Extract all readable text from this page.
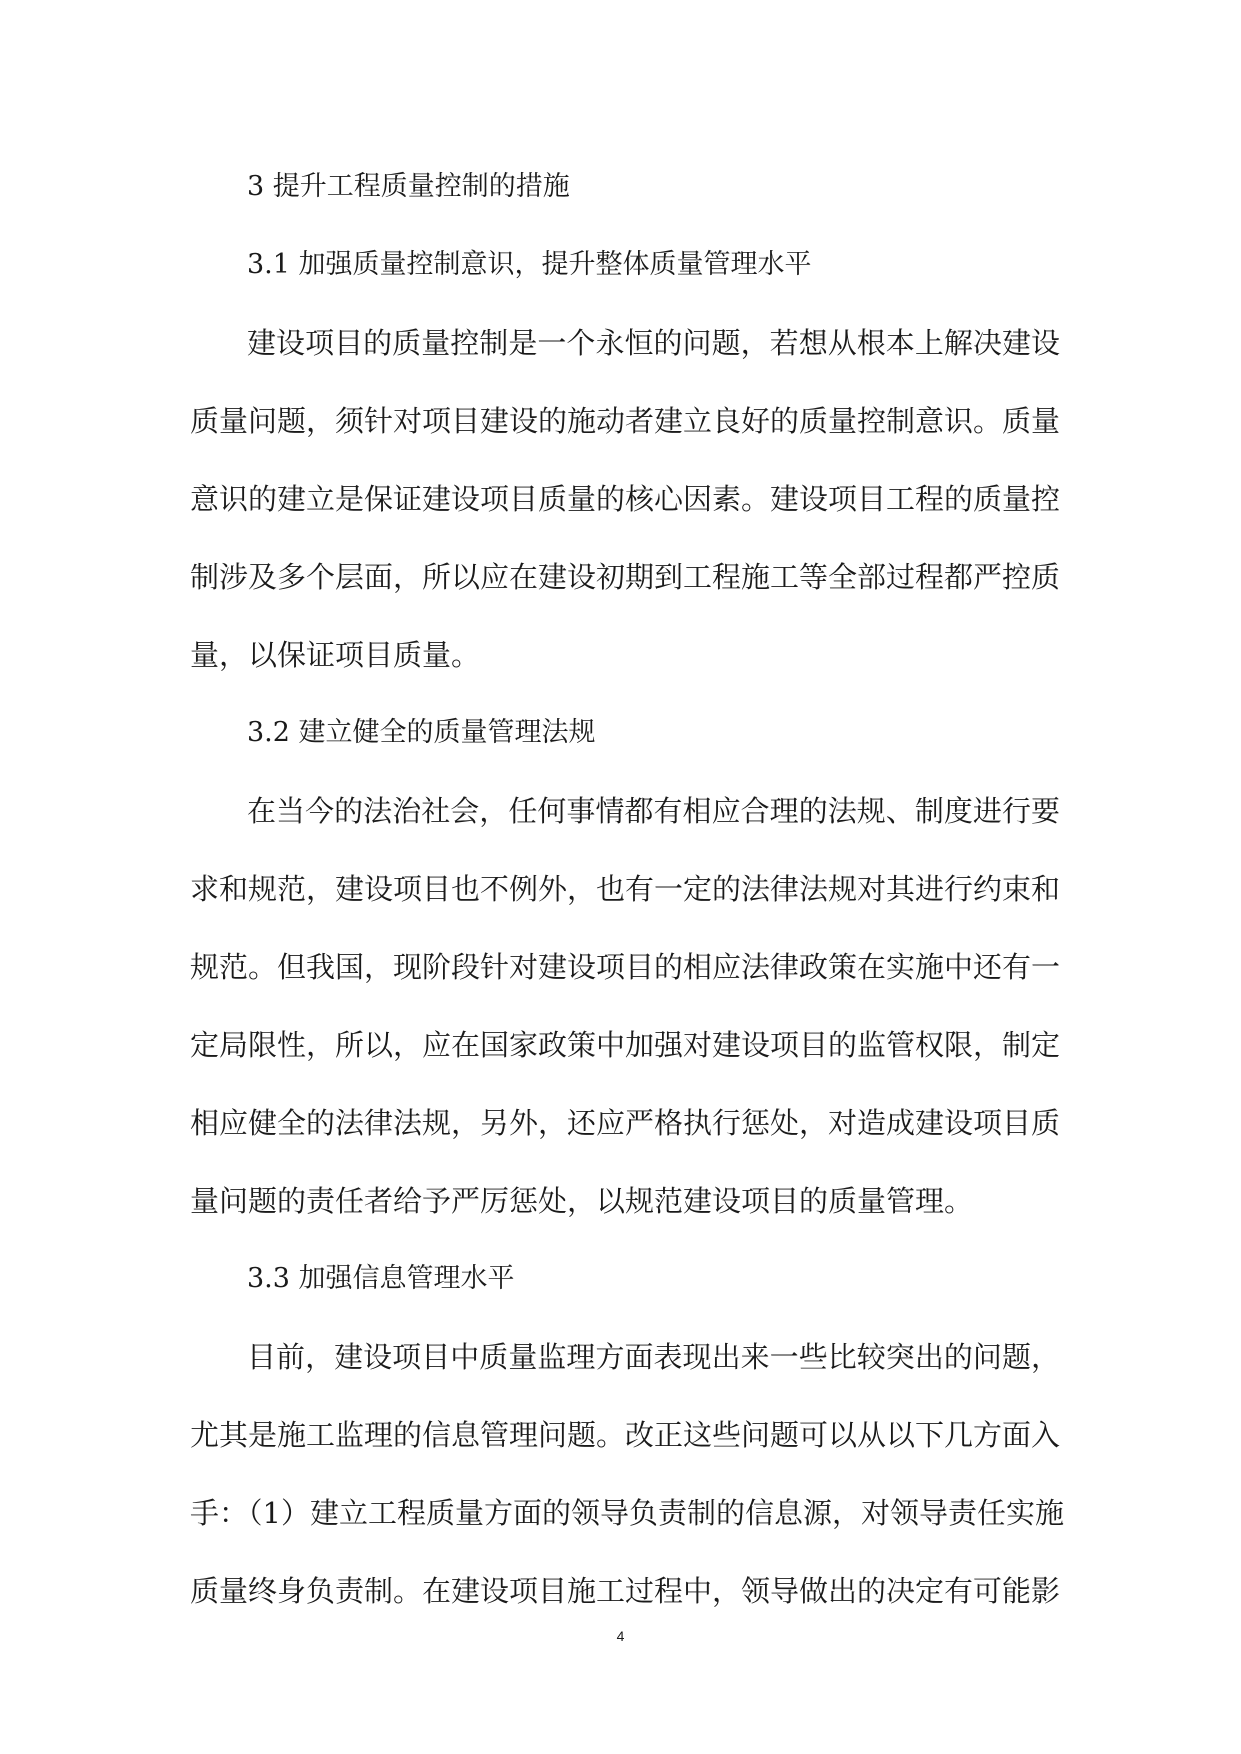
3 提升工程质量控制的措施

3.1 加强质量控制意识，提升整体质量管理水平

建设项目的质量控制是一个永恒的问题，若想从根本上解决建设
质量问题，须针对项目建设的施动者建立良好的质量控制意识。质量
意识的建立是保证建设项目质量的核心因素。建设项目工程的质量控
制涉及多个层面，所以应在建设初期到工程施工等全部过程都严控质
量，以保证项目质量。

3.2 建立健全的质量管理法规

在当今的法治社会，任何事情都有相应合理的法规、制度进行要
求和规范，建设项目也不例外，也有一定的法律法规对其进行约束和
规范。但我国，现阶段针对建设项目的相应法律政策在实施中还有一
定局限性，所以，应在国家政策中加强对建设项目的监管权限，制定
相应健全的法律法规，另外，还应严格执行惩处，对造成建设项目质
量问题的责任者给予严厉惩处，以规范建设项目的质量管理。

3.3 加强信息管理水平

目前，建设项目中质量监理方面表现出来一些比较突出的问题，
尤其是施工监理的信息管理问题。改正这些问题可以从以下几方面入
手：（1）建立工程质量方面的领导负责制的信息源，对领导责任实施
质量终身负责制。在建设项目施工过程中，领导做出的决定有可能影

4
